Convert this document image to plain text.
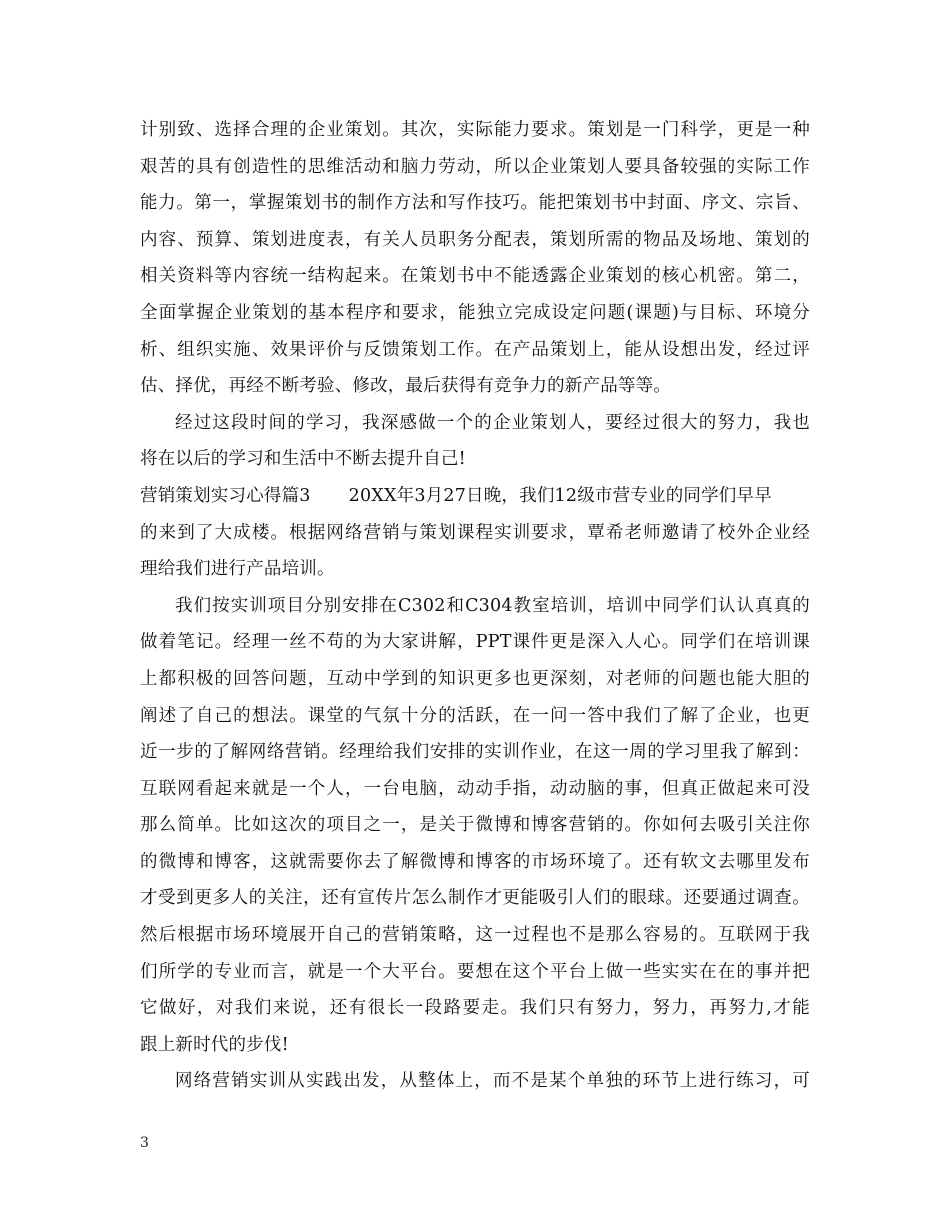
计别致、选择合理的企业策划。其次，实际能力要求。策划是一门科学，更是一种
艰苦的具有创造性的思维活动和脑力劳动，所以企业策划人要具备较强的实际工作
能力。第一，掌握策划书的制作方法和写作技巧。能把策划书中封面、序文、宗旨、
内容、预算、策划进度表，有关人员职务分配表，策划所需的物品及场地、策划的
相关资料等内容统一结构起来。在策划书中不能透露企业策划的核心机密。第二，
全面掌握企业策划的基本程序和要求，能独立完成设定问题(课题)与目标、环境分
析、组织实施、效果评价与反馈策划工作。在产品策划上，能从设想出发，经过评
估、择优，再经不断考验、修改，最后获得有竞争力的新产品等等。
经过这段时间的学习，我深感做一个的企业策划人，要经过很大的努力，我也
将在以后的学习和生活中不断去提升自己!
营销策划实习心得篇3 20XX年3月27日晚，我们12级市营专业的同学们早早
的来到了大成楼。根据网络营销与策划课程实训要求，覃希老师邀请了校外企业经
理给我们进行产品培训。
我们按实训项目分别安排在C302和C304教室培训，培训中同学们认认真真的
做着笔记。经理一丝不苟的为大家讲解，PPT课件更是深入人心。同学们在培训课
上都积极的回答问题，互动中学到的知识更多也更深刻，对老师的问题也能大胆的
阐述了自己的想法。课堂的气氛十分的活跃，在一问一答中我们了解了企业，也更
近一步的了解网络营销。经理给我们安排的实训作业，在这一周的学习里我了解到：
互联网看起来就是一个人，一台电脑，动动手指，动动脑的事，但真正做起来可没
那么简单。比如这次的项目之一，是关于微博和博客营销的。你如何去吸引关注你
的微博和博客，这就需要你去了解微博和博客的市场环境了。还有软文去哪里发布
才受到更多人的关注，还有宣传片怎么制作才更能吸引人们的眼球。还要通过调查。
然后根据市场环境展开自己的营销策略，这一过程也不是那么容易的。互联网于我
们所学的专业而言，就是一个大平台。要想在这个平台上做一些实实在在的事并把
它做好，对我们来说，还有很长一段路要走。我们只有努力，努力，再努力,才能
跟上新时代的步伐!
网络营销实训从实践出发，从整体上，而不是某个单独的环节上进行练习，可
3
